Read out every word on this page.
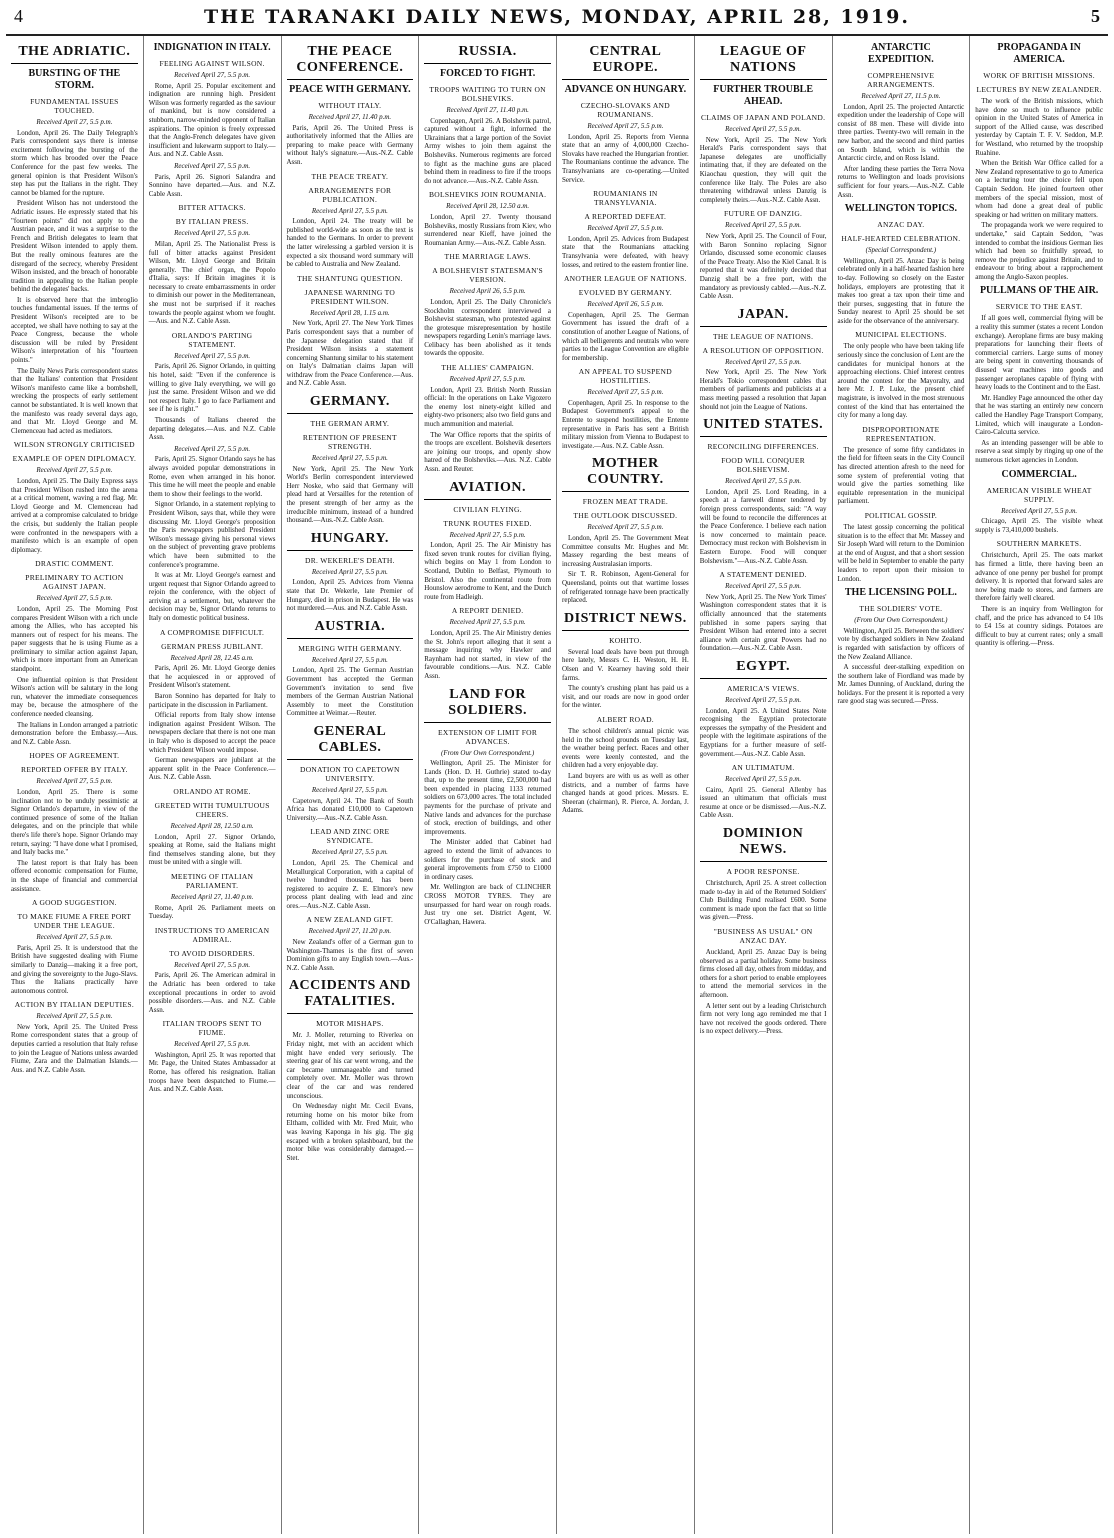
4	THE TARANAKI DAILY NEWS, MONDAY, APRIL 28, 1919.	5
THE ADRIATIC.
BURSTING OF THE STORM.
FUNDAMENTAL ISSUES TOUCHED.
Received April 27, 5.5 p.m.
London, April 26. The Daily Telegraph's Paris correspondent says there is intense excitement following the bursting of the storm which has brooded over the Peace Conference for the past few weeks. The general opinion is that President Wilson's step has put the Italians in the right. They cannot be blamed for the rupture.
President Wilson has not understood the Adriatic issues. He expressly stated that his "fourteen points" did not apply to the Austrian peace, and it was a surprise to the French and British delegates to learn that President Wilson intended to apply them. But the really ominous features are the disregard of the secrecy, whereby President Wilson insisted, and the breach of honorable tradition in appealing to the Italian people behind the delegates' backs.
It is observed here that the imbroglio touches fundamental issues. If the terms of President Wilson's receipted are to be accepted, we shall have nothing to say at the Peace Congress, because the whole discussion will be ruled by President Wilson's interpretation of his "fourteen points."
The Daily News Paris correspondent states that the Italians' contention that President Wilson's manifesto came like a bombshell, wrecking the prospects of early settlement cannot be substantiated. It is well known that the manifesto was ready several days ago, and that Mr. Lloyd George and M. Clemenceau had acted as mediators.
WILSON STRONGLY CRITICISED
EXAMPLE OF OPEN DIPLOMACY.
Received April 27, 5.5 p.m.
London, April 25. The Daily Express says that President Wilson rushed into the arena at a critical moment, waving a red flag. Mr. Lloyd George and M. Clemenceau had arrived at a compromise calculated to bridge the crisis, but suddenly the Italian people were confronted in the newspapers with a manifesto which is an example of open diplomacy.
DRASTIC COMMENT.
PRELIMINARY TO ACTION AGAINST JAPAN.
Received April 27, 5.5 p.m.
London, April 25. The Morning Post compares President Wilson with a rich uncle among the Allies, who has accepted his manners out of respect for his means. The paper suggests that he is using Fiume as a preliminary to similar action against Japan, which is more important from an American standpoint.
One influential opinion is that President Wilson's action will be salutary in the long run, whatever the immediate consequences may be, because the atmosphere of the conference needed cleansing.
The Italians in London arranged a patriotic demonstration before the Embassy.—Aus. and N.Z. Cable Assn.
HOPES OF AGREEMENT.
REPORTED OFFER BY ITALY.
Received April 27, 5.5 p.m.
London, April 25. There is some inclination not to be unduly pessimistic at Signor Orlando's departure, in view of the continued presence of some of the Italian delegates, and on the principle that while there's life there's hope. Signor Orlando may return, saying: "I have done what I promised, and Italy backs me."
The latest report is that Italy has been offered economic compensation for Fiume, in the shape of financial and commercial assistance.
A GOOD SUGGESTION.
TO MAKE FIUME A FREE PORT UNDER THE LEAGUE.
Received April 27, 5.5 p.m.
Paris, April 25. It is understood that the British have suggested dealing with Fiume similarly to Danzig—making it a free port, and giving the sovereignty to the Jugo-Slavs. Thus the Italians practically have autonomous control.
ACTION BY ITALIAN DEPUTIES.
Received April 27, 5.5 p.m.
New York, April 25. The United Press Rome correspondent states that a group of deputies carried a resolution that Italy refuse to join the League of Nations unless awarded Fiume, Zara and the Dalmatian Islands.—Aus. and N.Z. Cable Assn.
INDIGNATION IN ITALY.
FEELING AGAINST WILSON.
Received April 27, 5.5 p.m.
Rome, April 25. Popular excitement and indignation are running high. President Wilson was formerly regarded as the saviour of mankind, but is now considered a stubborn, narrow-minded opponent of Italian aspirations. The opinion is freely expressed that the Anglo-French delegates have given insufficient and lukewarm support to Italy.—Aus. and N.Z. Cable Assn.
Received April 27, 5.5 p.m.
Paris, April 26. Signori Salandra and Sonnino have departed.—Aus. and N.Z. Cable Assn.
BITTER ATTACKS.
BY ITALIAN PRESS.
Received April 27, 5.5 p.m.
Milan, April 25. The Nationalist Press is full of bitter attacks against President Wilson, Mr. Lloyd George and Britain generally. The chief organ, the Popolo d'Italia, says: If Britain imagines it is necessary to create embarrassments in order to diminish our power in the Mediterranean, she must not be surprised if it reaches towards the people against whom we fought.—Aus. and N.Z. Cable Assn.
ORLANDO'S PARTING STATEMENT.
Received April 27, 5.5 p.m.
Paris, April 26. Signor Orlando, in quitting his hotel, said: "Even if the conference is willing to give Italy everything, we will go just the same. President Wilson and we did not respect Italy. I go to face Parliament and see if he is right."
Thousands of Italians cheered the departing delegates.—Aus. and N.Z. Cable Assn.
Received April 27, 5.5 p.m.
Paris, April 25. Signor Orlando says he has always avoided popular demonstrations in Rome, even when arranged in his honor. This time he will meet the people and enable them to show their feelings to the world.
Signor Orlando, in a statement replying to President Wilson, says that, while they were discussing Mr. Lloyd George's proposition the Paris newspapers published President Wilson's message giving his personal views on the subject of preventing grave problems which have been submitted to the conference's programme.
It was at Mr. Lloyd George's earnest and urgent request that Signor Orlando agreed to rejoin the conference, with the object of arriving at a settlement, but, whatever the decision may be, Signor Orlando returns to Italy on domestic political business.
A COMPROMISE DIFFICULT.
GERMAN PRESS JUBILANT.
Received April 28, 12.45 a.m.
Paris, April 26. Mr. Lloyd George denies that he acquiesced in or approved of President Wilson's statement.
Baron Sonnino has departed for Italy to participate in the discussion in Parliament.
Official reports from Italy show intense indignation against President Wilson. The newspapers declare that there is not one man in Italy who is disposed to accept the peace which President Wilson would impose.
German newspapers are jubilant at the apparent split in the Peace Conference.—Aus. N.Z. Cable Assn.
ORLANDO AT ROME.
GREETED WITH TUMULTUOUS CHEERS.
Received April 28, 12.50 a.m.
London, April 27. Signor Orlando, speaking at Rome, said the Italians might find themselves standing alone, but they must be united with a single will.
MEETING OF ITALIAN PARLIAMENT.
Received April 27, 11.40 p.m.
Rome, April 26. Parliament meets on Tuesday.
INSTRUCTIONS TO AMERICAN ADMIRAL.
TO AVOID DISORDERS.
Received April 27, 5.5 p.m.
Paris, April 26. The American admiral in the Adriatic has been ordered to take exceptional precautions in order to avoid possible disorders.—Aus. and N.Z. Cable Assn.
ITALIAN TROOPS SENT TO FIUME.
Received April 27, 5.5 p.m.
Washington, April 25. It was reported that Mr. Page, the United States Ambassador at Rome, has offered his resignation. Italian troops have been despatched to Fiume.—Aus. and N.Z. Cable Assn.
THE PEACE CONFERENCE.
PEACE WITH GERMANY.
WITHOUT ITALY.
Received April 27, 11.40 p.m.
Paris, April 26. The United Press is authoritatively informed that the Allies are preparing to make peace with Germany without Italy's signature.—Aus.-N.Z. Cable Assn.
THE PEACE TREATY.
ARRANGEMENTS FOR PUBLICATION.
Received April 27, 5.5 p.m.
London, April 24. The treaty will be published world-wide as soon as the text is handed to the Germans. In order to prevent the latter wirelessing a garbled version it is expected a six thousand word summary will be cabled to Australia and New Zealand.
THE SHANTUNG QUESTION.
JAPANESE WARNING TO PRESIDENT WILSON.
Received April 28, 1.15 a.m.
New York, April 27. The New York Times Paris correspondent says that a number of the Japanese delegation stated that if President Wilson insists a statement concerning Shantung similar to his statement on Italy's Dalmatian claims Japan will withdraw from the Peace Conference.—Aus. and N.Z. Cable Assn.
GERMANY.
THE GERMAN ARMY.
RETENTION OF PRESENT STRENGTH.
Received April 27, 5.5 p.m.
New York, April 25. The New York World's Berlin correspondent interviewed Herr Noske, who said that Germany will plead hard at Versailles for the retention of the present strength of her army as the irreducible minimum, instead of a hundred thousand.—Aus.-N.Z. Cable Assn.
HUNGARY.
DR. WEKERLE'S DEATH.
Received April 27, 5.5 p.m.
London, April 25. Advices from Vienna state that Dr. Wekerle, late Premier of Hungary, died in prison in Budapest. He was not murdered.—Aus. and N.Z. Cable Assn.
AUSTRIA.
MERGING WITH GERMANY.
Received April 27, 5.5 p.m.
London, April 25. The German Austrian Government has accepted the German Government's invitation to send five members of the German Austrian National Assembly to meet the Constitution Committee at Weimar.—Reuter.
GENERAL CABLES.
DONATION TO CAPETOWN UNIVERSITY.
Received April 27, 5.5 p.m.
Capetown, April 24. The Bank of South Africa has donated £10,000 to Capetown University.—Aus.-N.Z. Cable Assn.
LEAD AND ZINC ORE SYNDICATE.
Received April 27, 5.5 p.m.
London, April 25. The Chemical and Metallurgical Corporation, with a capital of twelve hundred thousand, has been registered to acquire Z. E. Elmore's new process plant dealing with lead and zinc ores.—Aus.-N.Z. Cable Assn.
A NEW ZEALAND GIFT.
Received April 27, 11.20 p.m.
New Zealand's offer of a German gun to Washington-Thames is the first of seven Dominion gifts to any English town.—Aus.-N.Z. Cable Assn.
ACCIDENTS AND FATALITIES.
MOTOR MISHAPS.
Mr. J. Moller, returning to Riverlea on Friday night, met with an accident which might have ended very seriously. The steering gear of his car went wrong, and the car became unmanageable and turned completely over. Mr. Moller was thrown clear of the car and was rendered unconscious.
On Wednesday night Mr. Cecil Evans, returning home on his motor bike from Eltham, collided with Mr. Fred Muir, who was leaving Kaponga in his gig. The gig escaped with a broken splashboard, but the motor bike was considerably damaged.—Stet.
RUSSIA.
FORCED TO FIGHT.
TROOPS WAITING TO TURN ON BOLSHEVIKS.
Received April 27, 11.40 p.m.
Copenhagen, April 26. A Bolshevik patrol, captured without a fight, informed the Ukrainians that a large portion of the Soviet Army wishes to join them against the Bolsheviks. Numerous regiments are forced to fight as the machine guns are placed behind them in readiness to fire if the troops do not advance.—Aus.-N.Z. Cable Assn.
BOLSHEVIKS JOIN ROUMANIA.
Received April 28, 12.50 a.m.
London, April 27. Twenty thousand Bolsheviks, mostly Russians from Kiev, who surrendered near Kieff, have joined the Roumanian Army.—Aus.-N.Z. Cable Assn.
THE MARRIAGE LAWS.
A BOLSHEVIST STATESMAN'S VERSION.
Received April 26, 5.5 p.m.
London, April 25. The Daily Chronicle's Stockholm correspondent interviewed a Bolshevist statesman, who protested against the grotesque misrepresentation by hostile newspapers regarding Lenin's marriage laws. Celibacy has been abolished as it tends towards the opposite.
THE ALLIES' CAMPAIGN.
Received April 27, 5.5 p.m.
London, April 23. British North Russian official: In the operations on Lake Vigozero the enemy lost ninety-eight killed and eighty-two prisoners; also two field guns and much ammunition and material.
The War Office reports that the spirits of the troops are excellent. Bolshevik deserters are joining our troops, and openly show hatred of the Bolsheviks.—Aus. N.Z. Cable Assn. and Reuter.
AVIATION.
CIVILIAN FLYING.
TRUNK ROUTES FIXED.
Received April 27, 5.5 p.m.
London, April 25. The Air Ministry has fixed seven trunk routes for civilian flying, which begins on May 1 from London to Scotland, Dublin to Belfast, Plymouth to Bristol. Also the continental route from Hounslow aerodrome to Kent, and the Dutch route from Hadleigh.
A REPORT DENIED.
Received April 27, 5.5 p.m.
London, April 25. The Air Ministry denies the St. John's report alleging that it sent a message inquiring why Hawker and Raynham had not started, in view of the favourable conditions.—Aus. N.Z. Cable Assn.
LAND FOR SOLDIERS.
EXTENSION OF LIMIT FOR ADVANCES.
(From Our Own Correspondent.)
Wellington, April 25. The Minister for Lands (Hon. D. H. Guthrie) stated to-day that, up to the present time, £2,500,000 had been expended in placing 1133 returned soldiers on 673,000 acres. The total included payments for the purchase of private and Native lands and advances for the purchase of stock, erection of buildings, and other improvements.
The Minister added that Cabinet had agreed to extend the limit of advances to soldiers for the purchase of stock and general improvements from £750 to £1000 in ordinary cases.
Mr. Wellington are back of CLINCHER CROSS MOTOR TYRES. They are unsurpassed for hard wear on rough roads. Just try one set. District Agent, W. O'Callaghan, Hawera.
CENTRAL EUROPE.
ADVANCE ON HUNGARY.
CZECHO-SLOVAKS AND ROUMANIANS.
Received April 27, 5.5 p.m.
London, April 25. Reports from Vienna state that an army of 4,000,000 Czecho-Slovaks have reached the Hungarian frontier. The Roumanians continue the advance. The Transylvanians are co-operating.—United Service.
ROUMANIANS IN TRANSYLVANIA.
A REPORTED DEFEAT.
Received April 27, 5.5 p.m.
London, April 25. Advices from Budapest state that the Roumanians attacking Transylvania were defeated, with heavy losses, and retired to the eastern frontier line.
ANOTHER LEAGUE OF NATIONS.
EVOLVED BY GERMANY.
Received April 26, 5.5 p.m.
Copenhagen, April 25. The German Government has issued the draft of a constitution of another League of Nations, of which all belligerents and neutrals who were parties to the League Convention are eligible for membership.
AN APPEAL TO SUSPEND HOSTILITIES.
Received April 27, 5.5 p.m.
Copenhagen, April 25. In response to the Budapest Government's appeal to the Entente to suspend hostilities, the Entente representative in Paris has sent a British military mission from Vienna to Budapest to investigate.—Aus. N.Z. Cable Assn.
MOTHER COUNTRY.
FROZEN MEAT TRADE.
THE OUTLOOK DISCUSSED.
Received April 27, 5.5 p.m.
London, April 25. The Government Meat Committee consults Mr. Hughes and Mr. Massey regarding the best means of increasing Australasian imports.
Sir T. R. Robinson, Agent-General for Queensland, points out that wartime losses of refrigerated tonnage have been practically replaced.
DISTRICT NEWS.
KOHITO.
Several load deals have been put through here lately, Messrs C. H. Weston, H. H. Olsen and V. Kearney having sold their farms.
The county's crushing plant has paid us a visit, and our roads are now in good order for the winter.
ALBERT ROAD.
The school children's annual picnic was held in the school grounds on Tuesday last, the weather being perfect. Races and other events were keenly contested, and the children had a very enjoyable day.
Land buyers are with us as well as other districts, and a number of farms have changed hands at good prices. Messrs. E. Sheeran (chairman), R. Pierce, A. Jordan, J. Adams.
LEAGUE OF NATIONS
FURTHER TROUBLE AHEAD.
CLAIMS OF JAPAN AND POLAND.
Received April 27, 5.5 p.m.
New York, April 25. The New York Herald's Paris correspondent says that Japanese delegates are unofficially intimating that, if they are defeated on the Kiaochau question, they will quit the conference like Italy. The Poles are also threatening withdrawal unless Danzig is completely theirs.—Aus.-N.Z. Cable Assn.
FUTURE OF DANZIG.
Received April 27, 5.5 p.m.
New York, April 25. The Council of Four, with Baron Sonnino replacing Signor Orlando, discussed some economic clauses of the Peace Treaty. Also the Kiel Canal. It is reported that it was definitely decided that Danzig shall be a free port, with the mandatory as previously cabled.—Aus.-N.Z. Cable Assn.
JAPAN.
THE LEAGUE OF NATIONS.
A RESOLUTION OF OPPOSITION.
Received April 27, 5.5 p.m.
New York, April 25. The New York Herald's Tokio correspondent cables that members of parliaments and publicists at a mass meeting passed a resolution that Japan should not join the League of Nations.
UNITED STATES.
RECONCILING DIFFERENCES.
FOOD WILL CONQUER BOLSHEVISM.
Received April 27, 5.5 p.m.
London, April 25. Lord Reading, in a speech at a farewell dinner tendered by foreign press correspondents, said: "A way will be found to reconcile the differences at the Peace Conference. I believe each nation is now concerned to maintain peace. Democracy must reckon with Bolshevism in Eastern Europe. Food will conquer Bolshevism."—Aus.-N.Z. Cable Assn.
A STATEMENT DENIED.
Received April 27, 5.5 p.m.
New York, April 25. The New York Times' Washington correspondent states that it is officially announced that the statements published in some papers saying that President Wilson had entered into a secret alliance with certain great Powers had no foundation.—Aus.-N.Z. Cable Assn.
EGYPT.
AMERICA'S VIEWS.
Received April 27, 5.5 p.m.
London, April 25. A United States Note recognising the Egyptian protectorate expresses the sympathy of the President and people with the legitimate aspirations of the Egyptians for a further measure of self-government.—Aus.-N.Z. Cable Assn.
AN ULTIMATUM.
Received April 27, 5.5 p.m.
Cairo, April 25. General Allenby has issued an ultimatum that officials must resume at once or be dismissed.—Aus.-N.Z. Cable Assn.
DOMINION NEWS.
A POOR RESPONSE.
Christchurch, April 25. A street collection made to-day in aid of the Returned Soldiers' Club Building Fund realised £600. Some comment is made upon the fact that so little was given.—Press.
"BUSINESS AS USUAL" ON ANZAC DAY.
Auckland, April 25. Anzac Day is being observed as a partial holiday. Some business firms closed all day, others from midday, and others for a short period to enable employees to attend the memorial services in the afternoon.
A letter sent out by a leading Christchurch firm not very long ago reminded me that I have not received the goods ordered. There is no expect delivery.—Press.
ANTARCTIC EXPEDITION.
COMPREHENSIVE ARRANGEMENTS.
Received April 27, 11.5 p.m.
London, April 25. The projected Antarctic expedition under the leadership of Cope will consist of 88 men. These will divide into three parties. Twenty-two will remain in the new harbor, and the second and third parties on South Island, which is within the Antarctic circle, and on Ross Island.
After landing these parties the Terra Nova returns to Wellington and loads provisions sufficient for four years.—Aus.-N.Z. Cable Assn.
WELLINGTON TOPICS.
ANZAC DAY.
HALF-HEARTED CELEBRATION.
(Special Correspondent.)
Wellington, April 25. Anzac Day is being celebrated only in a half-hearted fashion here to-day. Following so closely on the Easter holidays, employers are protesting that it makes too great a tax upon their time and their purses, suggesting that in future the Sunday nearest to April 25 should be set aside for the observance of the anniversary.
MUNICIPAL ELECTIONS.
The only people who have been taking life seriously since the conclusion of Lent are the candidates for municipal honors at the approaching elections. Chief interest centres around the contest for the Mayoralty, and here Mr. J. P. Luke, the present chief magistrate, is involved in the most strenuous contest of the kind that has entertained the city for many a long day.
DISPROPORTIONATE REPRESENTATION.
The presence of some fifty candidates in the field for fifteen seats in the City Council has directed attention afresh to the need for some system of preferential voting that would give the parties something like equitable representation in the municipal parliament.
POLITICAL GOSSIP.
The latest gossip concerning the political situation is to the effect that Mr. Massey and Sir Joseph Ward will return to the Dominion at the end of August, and that a short session will be held in September to enable the party leaders to report upon their mission to London.
THE LICENSING POLL.
THE SOLDIERS' VOTE.
(From Our Own Correspondent.)
Wellington, April 25. Between the soldiers' vote by discharged soldiers in New Zealand is regarded with satisfaction by officers of the New Zealand Alliance.
A successful deer-stalking expedition on the southern lake of Fiordland was made by Mr. James Dunning, of Auckland, during the holidays. For the present it is reported a very rare good stag was secured.—Press.
PROPAGANDA IN AMERICA.
WORK OF BRITISH MISSIONS.
LECTURES BY NEW ZEALANDER.
The work of the British missions, which have done so much to influence public opinion in the United States of America in support of the Allied cause, was described yesterday by Captain T. F. V. Seddon, M.P. for Westland, who returned by the troopship Ruahine.
When the British War Office called for a New Zealand representative to go to America on a lecturing tour the choice fell upon Captain Seddon. He joined fourteen other members of the special mission, most of whom had done a great deal of public speaking or had written on military matters.
The propaganda work we were required to undertake," said Captain Seddon, "was intended to combat the insidious German lies which had been so fruitfully spread, to remove the prejudice against Britain, and to endeavour to bring about a rapprochement among the Anglo-Saxon peoples.
PULLMANS OF THE AIR.
SERVICE TO THE EAST.
If all goes well, commercial flying will be a reality this summer (states a recent London exchange). Aeroplane firms are busy making preparations for launching their fleets of commercial carriers. Large sums of money are being spent in converting thousands of disused war machines into goods and passenger aeroplanes capable of flying with heavy loads to the Continent and to the East.
Mr. Handley Page announced the other day that he was starting an entirely new concern called the Handley Page Transport Company, Limited, which will inaugurate a London-Cairo-Calcutta service.
As an intending passenger will be able to reserve a seat simply by ringing up one of the numerous ticket agencies in London.
COMMERCIAL.
AMERICAN VISIBLE WHEAT SUPPLY.
Received April 27, 5.5 p.m.
Chicago, April 25. The visible wheat supply is 73,410,000 bushels.
SOUTHERN MARKETS.
Christchurch, April 25. The oats market has firmed a little, there having been an advance of one penny per bushel for prompt delivery. It is reported that forward sales are now being made to stores, and farmers are therefore fairly well cleared.
There is an inquiry from Wellington for chaff, and the price has advanced to £4 10s to £4 15s at country sidings. Potatoes are difficult to buy at current rates; only a small quantity is offering.—Press.
